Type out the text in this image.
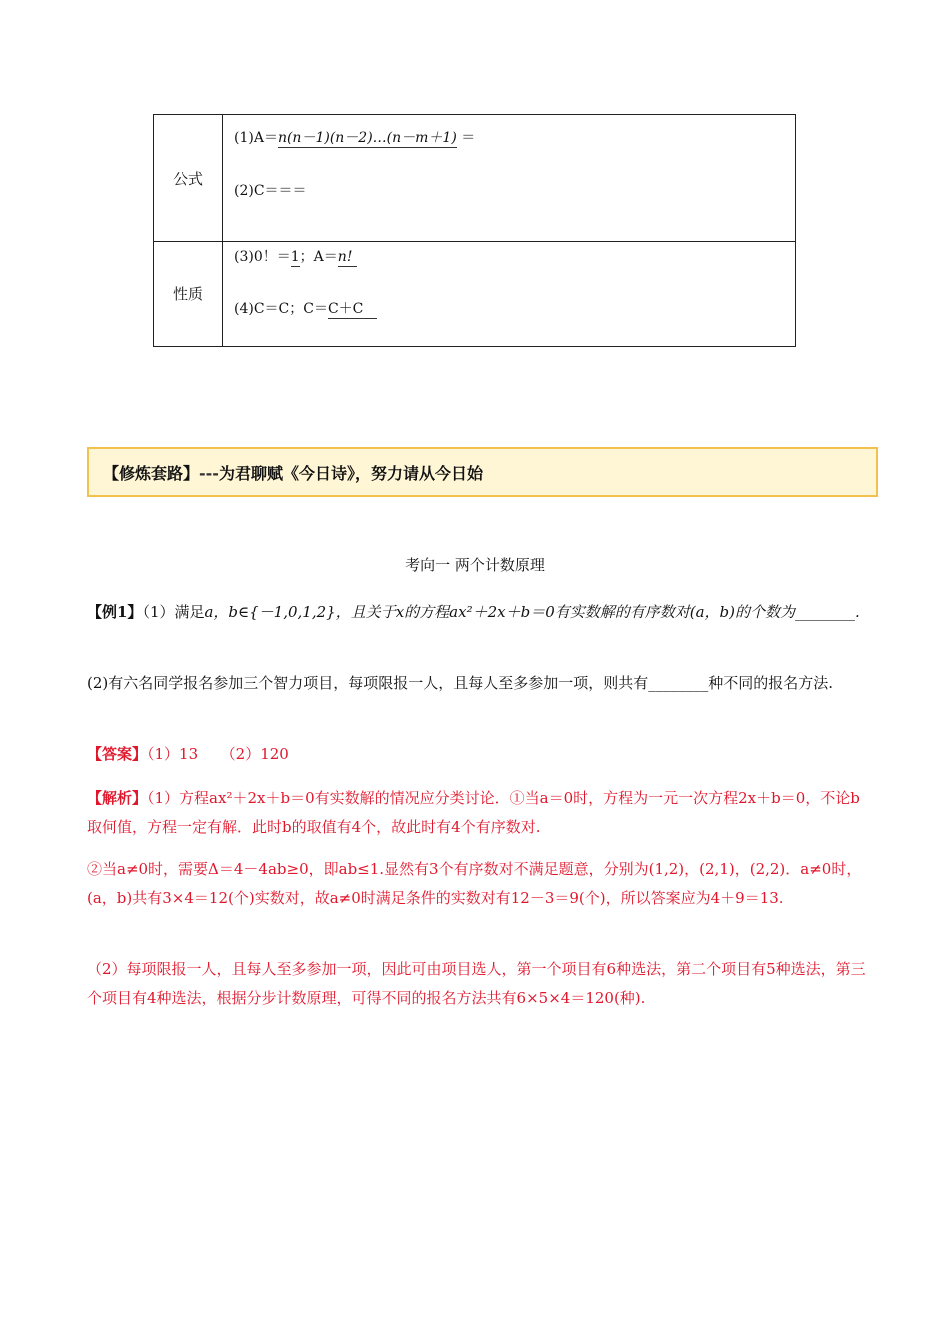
公式
(1)A＝n(n－1)(n－2)…(n－m＋1) ＝
(2)C＝＝＝
性质
(3)0！＝1；A＝n!
(4)C＝C；C＝C＋C
【修炼套路】---为君聊赋《今日诗》，努力请从今日始
考向一 两个计数原理
【例1】（1）满足a，b∈{－1,0,1,2}，且关于x的方程ax²＋2x＋b＝0有实数解的有序数对(a，b)的个数为________.
(2)有六名同学报名参加三个智力项目，每项限报一人，且每人至多参加一项，则共有________种不同的报名方法.
【答案】（1）13　　（2）120
【解析】（1）方程ax²＋2x＋b＝0有实数解的情况应分类讨论．①当a＝0时，方程为一元一次方程2x＋b＝0，不论b取何值，方程一定有解．此时b的取值有4个，故此时有4个有序数对.
②当a≠0时，需要Δ＝4－4ab≥0，即ab≤1.显然有3个有序数对不满足题意，分别为(1,2)，(2,1)，(2,2)．a≠0时，(a，b)共有3×4＝12(个)实数对，故a≠0时满足条件的实数对有12－3＝9(个)，所以答案应为4＋9＝13.
（2）每项限报一人，且每人至多参加一项，因此可由项目选人，第一个项目有6种选法，第二个项目有5种选法，第三个项目有4种选法，根据分步计数原理，可得不同的报名方法共有6×5×4＝120(种).
